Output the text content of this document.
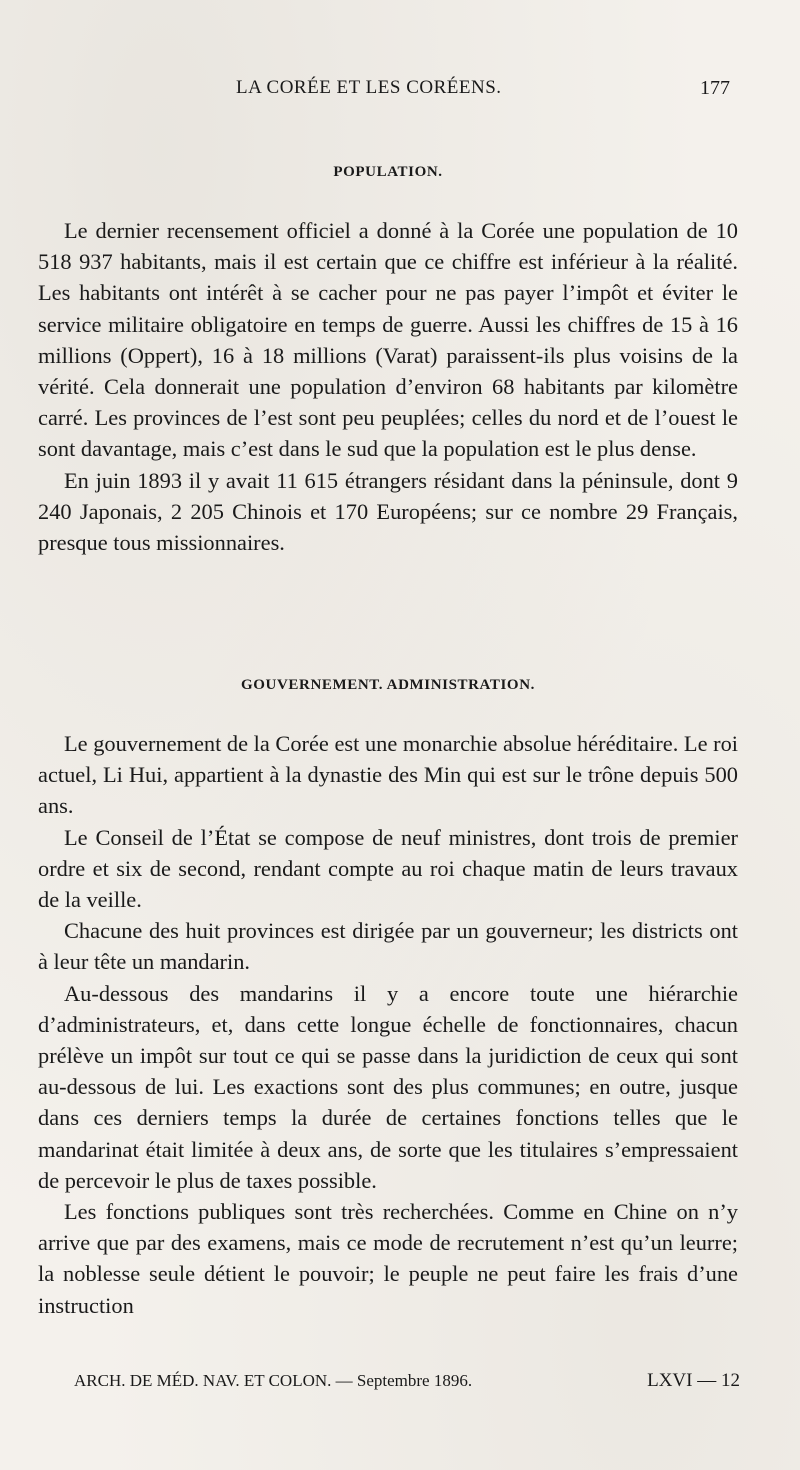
LA CORÉE ET LES CORÉENS.	177
POPULATION.

Le dernier recensement officiel a donné à la Corée une population de 10 518 937 habitants, mais il est certain que ce chiffre est inférieur à la réalité. Les habitants ont intérêt à se cacher pour ne pas payer l’impôt et éviter le service militaire obligatoire en temps de guerre. Aussi les chiffres de 15 à 16 millions (Oppert), 16 à 18 millions (Varat) paraissent-ils plus voisins de la vérité. Cela donnerait une population d’environ 68 habitants par kilomètre carré. Les provinces de l’est sont peu peuplées; celles du nord et de l’ouest le sont davantage, mais c’est dans le sud que la population est le plus dense.

En juin 1893 il y avait 11 615 étrangers résidant dans la péninsule, dont 9 240 Japonais, 2 205 Chinois et 170 Européens; sur ce nombre 29 Français, presque tous missionnaires.

GOUVERNEMENT. ADMINISTRATION.

Le gouvernement de la Corée est une monarchie absolue héréditaire. Le roi actuel, Li Hui, appartient à la dynastie des Min qui est sur le trône depuis 500 ans.

Le Conseil de l’État se compose de neuf ministres, dont trois de premier ordre et six de second, rendant compte au roi chaque matin de leurs travaux de la veille.

Chacune des huit provinces est dirigée par un gouverneur; les districts ont à leur tête un mandarin.

Au-dessous des mandarins il y a encore toute une hiérarchie d’administrateurs, et, dans cette longue échelle de fonctionnaires, chacun prélève un impôt sur tout ce qui se passe dans la juridiction de ceux qui sont au-dessous de lui. Les exactions sont des plus communes; en outre, jusque dans ces derniers temps la durée de certaines fonctions telles que le mandarinat était limitée à deux ans, de sorte que les titulaires s’empressaient de percevoir le plus de taxes possible.

Les fonctions publiques sont très recherchées. Comme en Chine on n’y arrive que par des examens, mais ce mode de recrutement n’est qu’un leurre; la noblesse seule détient le pouvoir; le peuple ne peut faire les frais d’une instruction

ARCH. DE MÉD. NAV. ET COLON. — Septembre 1896.	LXVI — 12
